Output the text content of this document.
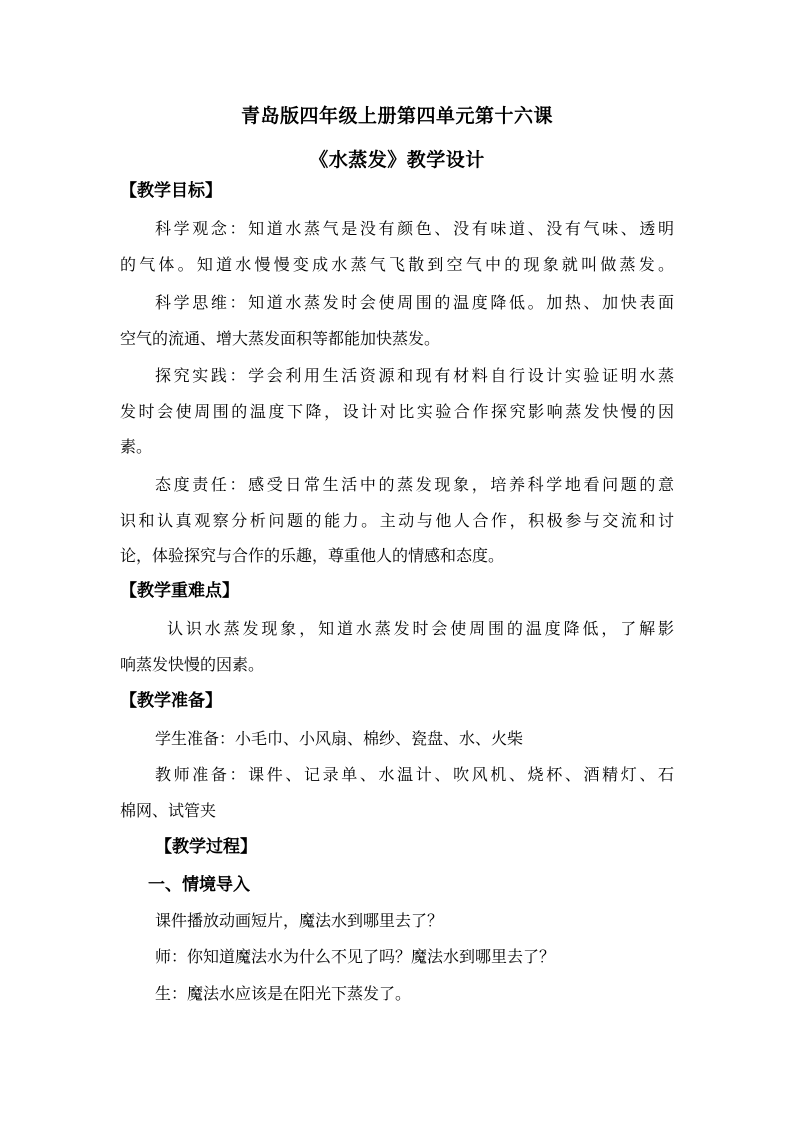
青岛版四年级上册第四单元第十六课
《水蒸发》教学设计
【教学目标】
科学观念：知道水蒸气是没有颜色、没有味道、没有气味、透明
的气体。知道水慢慢变成水蒸气飞散到空气中的现象就叫做蒸发。
科学思维：知道水蒸发时会使周围的温度降低。加热、加快表面
空气的流通、增大蒸发面积等都能加快蒸发。
探究实践：学会利用生活资源和现有材料自行设计实验证明水蒸
发时会使周围的温度下降，设计对比实验合作探究影响蒸发快慢的因
素。
态度责任：感受日常生活中的蒸发现象，培养科学地看问题的意
识和认真观察分析问题的能力。主动与他人合作，积极参与交流和讨
论，体验探究与合作的乐趣，尊重他人的情感和态度。
【教学重难点】
认识水蒸发现象，知道水蒸发时会使周围的温度降低，了解影
响蒸发快慢的因素。
【教学准备】
学生准备：小毛巾、小风扇、棉纱、瓷盘、水、火柴
教师准备：课件、记录单、水温计、吹风机、烧杯、酒精灯、石
棉网、试管夹
【教学过程】
一、情境导入
课件播放动画短片，魔法水到哪里去了？
师：你知道魔法水为什么不见了吗？魔法水到哪里去了？
生：魔法水应该是在阳光下蒸发了。
